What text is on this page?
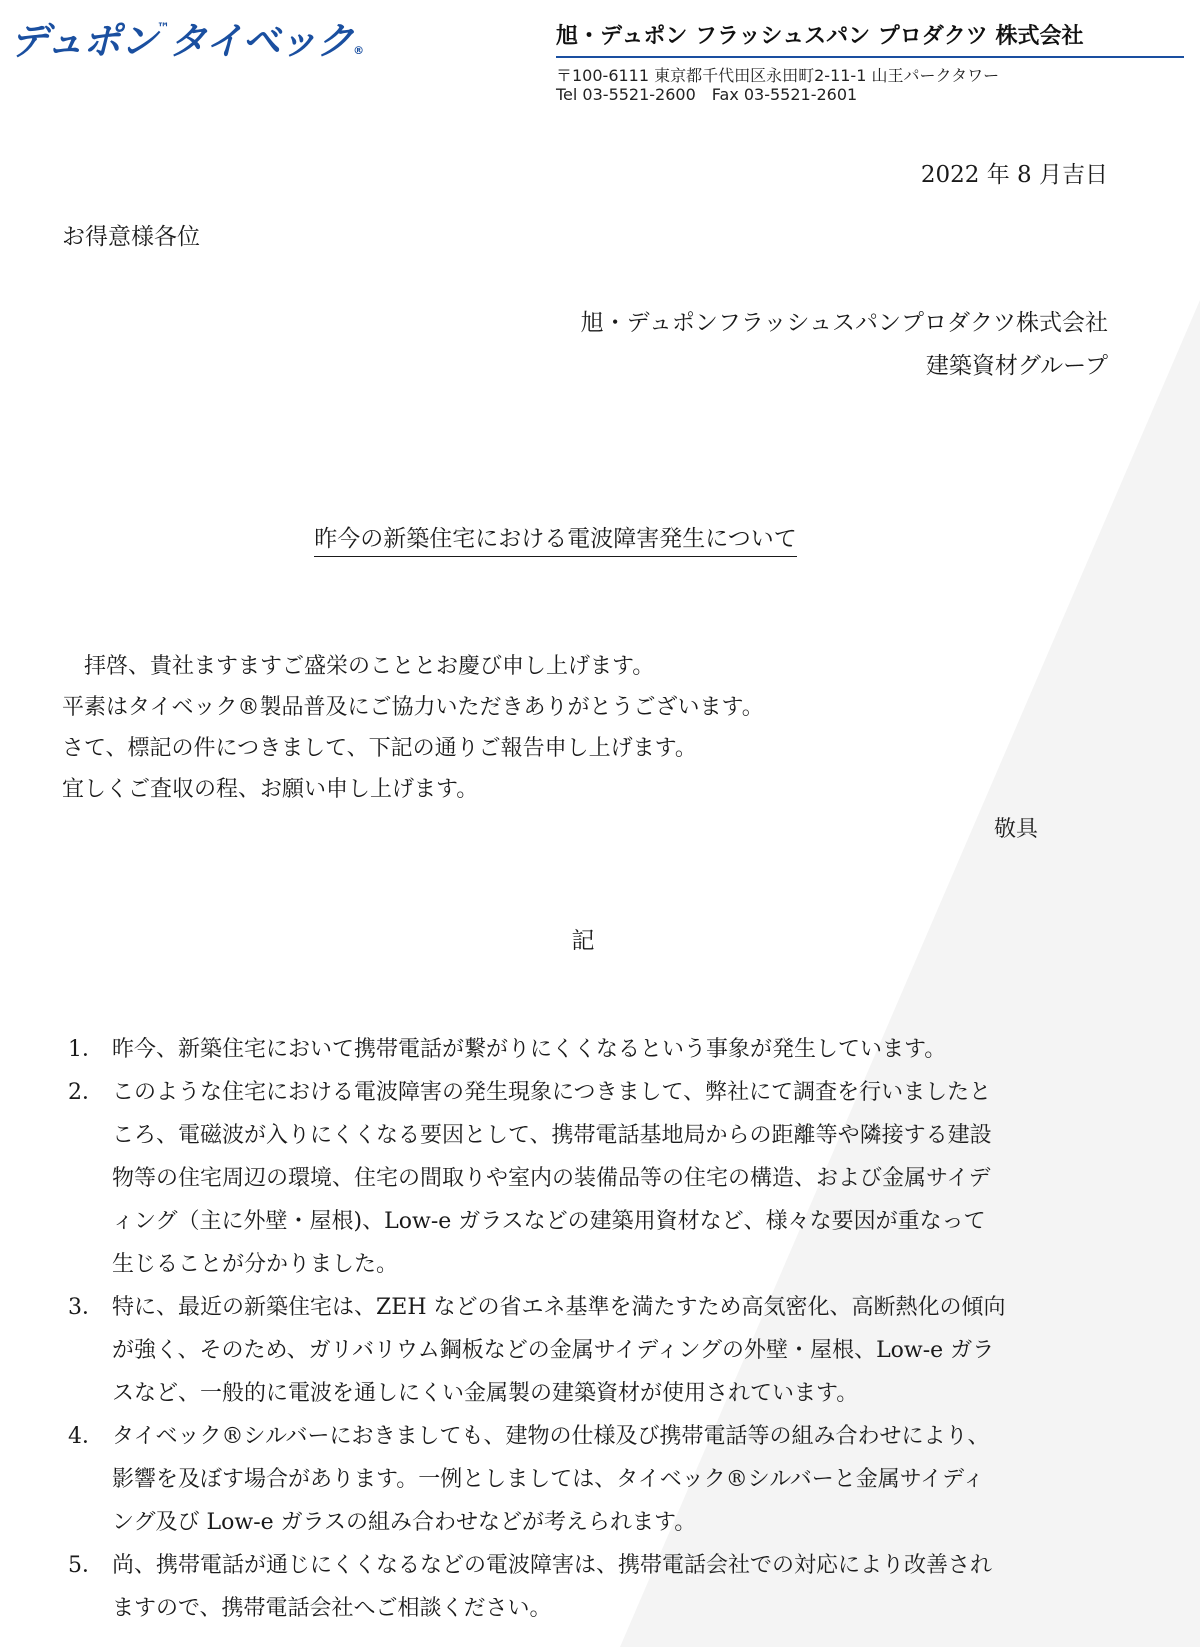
デュポン™タイベック®
旭・デュポン フラッシュスパン プロダクツ 株式会社
〒100-6111 東京都千代田区永田町2-11-1 山王パークタワー
Tel 03-5521-2600　Fax 03-5521-2601
2022 年 8 月吉日
お得意様各位
旭・デュポンフラッシュスパンプロダクツ株式会社
建築資材グループ
昨今の新築住宅における電波障害発生について
拝啓、貴社ますますご盛栄のこととお慶び申し上げます。
平素はタイベック®製品普及にご協力いただきありがとうございます。
さて、標記の件につきまして、下記の通りご報告申し上げます。
宜しくご査収の程、お願い申し上げます。
敬具
記
1． 昨今、新築住宅において携帯電話が繋がりにくくなるという事象が発生しています。
2． このような住宅における電波障害の発生現象につきまして、弊社にて調査を行いましたと
ころ、電磁波が入りにくくなる要因として、携帯電話基地局からの距離等や隣接する建設
物等の住宅周辺の環境、住宅の間取りや室内の装備品等の住宅の構造、および金属サイデ
ィング（主に外壁・屋根)、Low-e ガラスなどの建築用資材など、様々な要因が重なって
生じることが分かりました。
3． 特に、最近の新築住宅は、ZEH などの省エネ基準を満たすため高気密化、高断熱化の傾向
が強く、そのため、ガリバリウム鋼板などの金属サイディングの外壁・屋根、Low-e ガラ
スなど、一般的に電波を通しにくい金属製の建築資材が使用されています。
4． タイベック®シルバーにおきましても、建物の仕様及び携帯電話等の組み合わせにより、
影響を及ぼす場合があります。一例としましては、タイベック®シルバーと金属サイディ
ング及び Low-e ガラスの組み合わせなどが考えられます。
5． 尚、携帯電話が通じにくくなるなどの電波障害は、携帯電話会社での対応により改善され
ますので、携帯電話会社へご相談ください。
